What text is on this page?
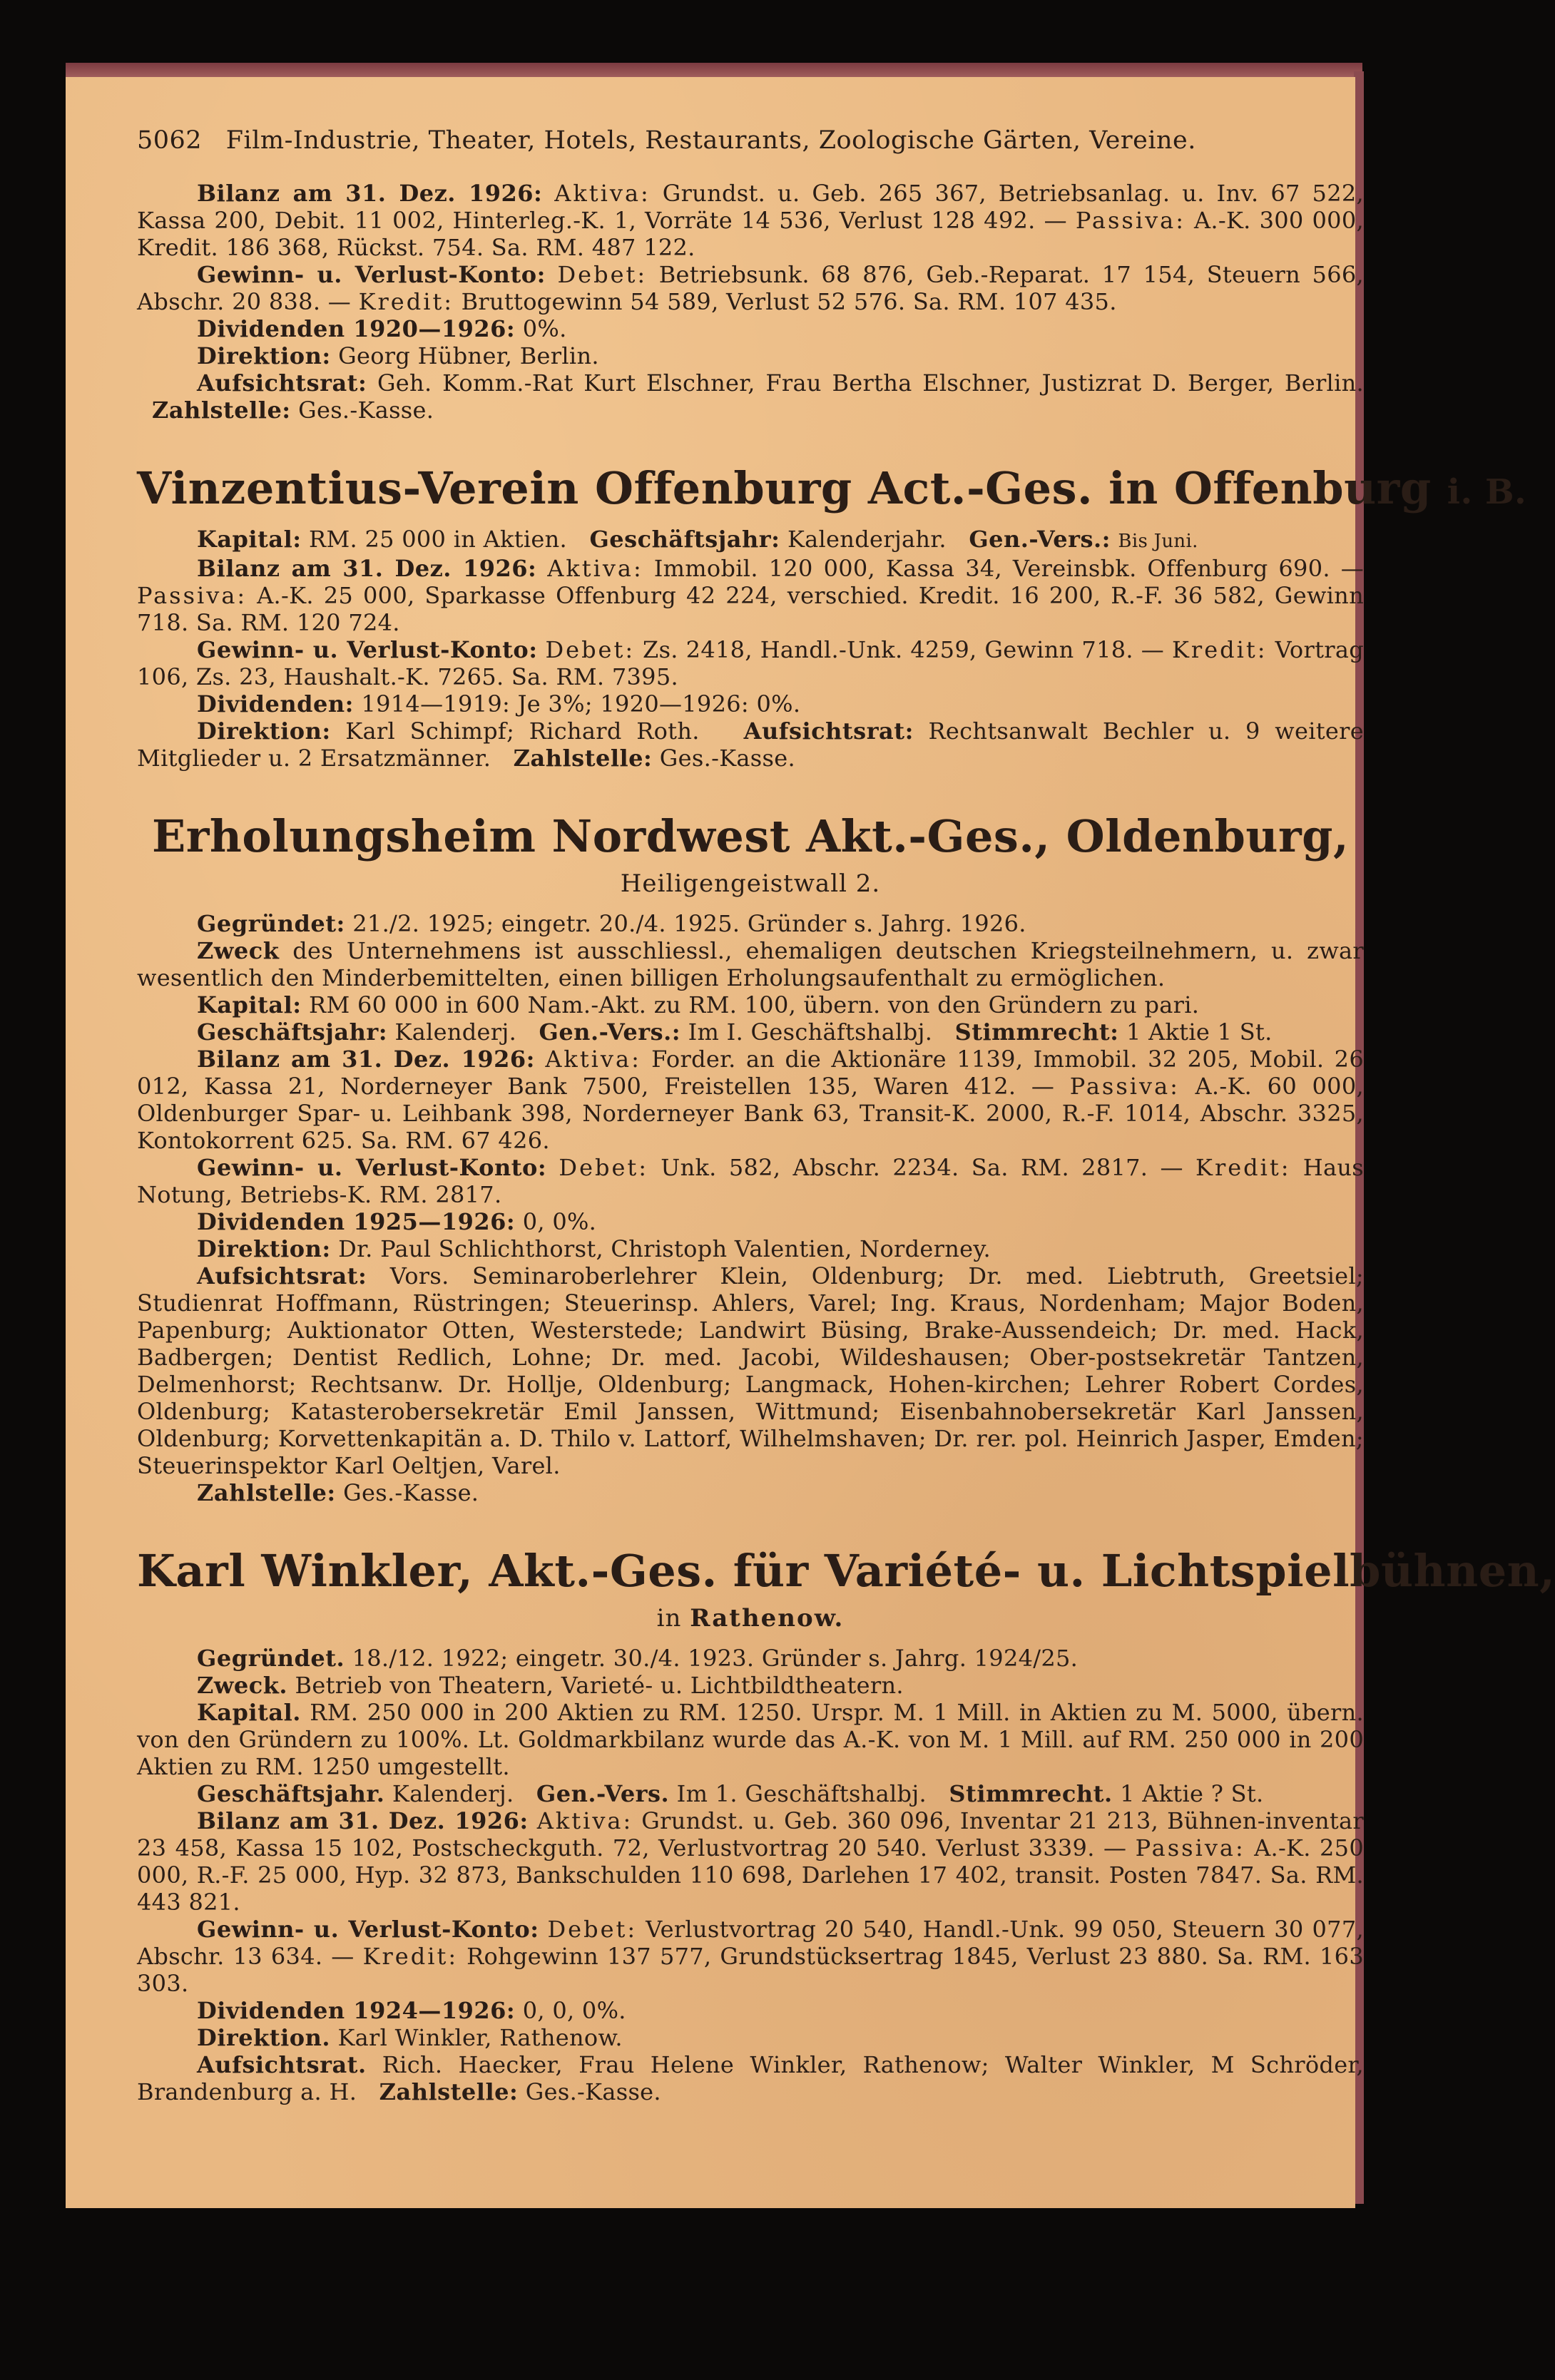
5062 Film-Industrie, Theater, Hotels, Restaurants, Zoologische Gärten, Vereine.

Bilanz am 31. Dez. 1926: Aktiva: Grundst. u. Geb. 265 367, Betriebsanlag. u. Inv. 67 522, Kassa 200, Debit. 11 002, Hinterleg.-K. 1, Vorräte 14 536, Verlust 128 492. — Passiva: A.-K. 300 000, Kredit. 186 368, Rückst. 754. Sa. RM. 487 122.

Gewinn- u. Verlust-Konto: Debet: Betriebsunk. 68 876, Geb.-Reparat. 17 154, Steuern 566, Abschr. 20 838. — Kredit: Bruttogewinn 54 589, Verlust 52 576. Sa. RM. 107 435.

Dividenden 1920—1926: 0%.

Direktion: Georg Hübner, Berlin.

Aufsichtsrat: Geh. Komm.-Rat Kurt Elschner, Frau Bertha Elschner, Justizrat D. Berger, Berlin.   Zahlstelle: Ges.-Kasse.

Vinzentius-Verein Offenburg Act.-Ges. in Offenburg i. B.

Kapital: RM. 25 000 in Aktien. Geschäftsjahr: Kalenderjahr. Gen.-Vers.: Bis Juni.

Bilanz am 31. Dez. 1926: Aktiva: Immobil. 120 000, Kassa 34, Vereinsbk. Offenburg 690. — Passiva: A.-K. 25 000, Sparkasse Offenburg 42 224, verschied. Kredit. 16 200, R.-F. 36 582, Gewinn 718. Sa. RM. 120 724.

Gewinn- u. Verlust-Konto: Debet: Zs. 2418, Handl.-Unk. 4259, Gewinn 718. — Kredit: Vortrag 106, Zs. 23, Haushalt.-K. 7265. Sa. RM. 7395.

Dividenden: 1914—1919: Je 3%; 1920—1926: 0%.

Direktion: Karl Schimpf; Richard Roth. Aufsichtsrat: Rechtsanwalt Bechler u. 9 weitere Mitglieder u. 2 Ersatzmänner. Zahlstelle: Ges.-Kasse.

Erholungsheim Nordwest Akt.-Ges., Oldenburg,
Heiligengeistwall 2.

Gegründet: 21./2. 1925; eingetr. 20./4. 1925. Gründer s. Jahrg. 1926.

Zweck des Unternehmens ist ausschliessl., ehemaligen deutschen Kriegsteilnehmern, u. zwar wesentlich den Minderbemittelten, einen billigen Erholungsaufenthalt zu ermöglichen.

Kapital: RM 60 000 in 600 Nam.-Akt. zu RM. 100, übern. von den Gründern zu pari.

Geschäftsjahr: Kalenderj. Gen.-Vers.: Im I. Geschäftshalbj. Stimmrecht: 1 Aktie 1 St.

Bilanz am 31. Dez. 1926: Aktiva: Forder. an die Aktionäre 1139, Immobil. 32 205, Mobil. 26 012, Kassa 21, Norderneyer Bank 7500, Freistellen 135, Waren 412. — Passiva: A.-K. 60 000, Oldenburger Spar- u. Leihbank 398, Norderneyer Bank 63, Transit-K. 2000, R.-F. 1014, Abschr. 3325, Kontokorrent 625. Sa. RM. 67 426.

Gewinn- u. Verlust-Konto: Debet: Unk. 582, Abschr. 2234. Sa. RM. 2817. — Kredit: Haus Notung, Betriebs-K. RM. 2817.

Dividenden 1925—1926: 0, 0%.

Direktion: Dr. Paul Schlichthorst, Christoph Valentien, Norderney.

Aufsichtsrat: Vors. Seminaroberlehrer Klein, Oldenburg; Dr. med. Liebtruth, Greetsiel; Studienrat Hoffmann, Rüstringen; Steuerinsp. Ahlers, Varel; Ing. Kraus, Nordenham; Major Boden, Papenburg; Auktionator Otten, Westerstede; Landwirt Büsing, Brake-Aussendeich; Dr. med. Hack, Badbergen; Dentist Redlich, Lohne; Dr. med. Jacobi, Wildeshausen; Ober-postsekretär Tantzen, Delmenhorst; Rechtsanw. Dr. Hollje, Oldenburg; Langmack, Hohen-kirchen; Lehrer Robert Cordes, Oldenburg; Katasterobersekretär Emil Janssen, Wittmund; Eisenbahnobersekretär Karl Janssen, Oldenburg; Korvettenkapitän a. D. Thilo v. Lattorf, Wilhelmshaven; Dr. rer. pol. Heinrich Jasper, Emden; Steuerinspektor Karl Oeltjen, Varel.

Zahlstelle: Ges.-Kasse.

Karl Winkler, Akt.-Ges. für Variété- u. Lichtspielbühnen,
in Rathenow.

Gegründet. 18./12. 1922; eingetr. 30./4. 1923. Gründer s. Jahrg. 1924/25.

Zweck. Betrieb von Theatern, Varieté- u. Lichtbildtheatern.

Kapital. RM. 250 000 in 200 Aktien zu RM. 1250. Urspr. M. 1 Mill. in Aktien zu M. 5000, übern. von den Gründern zu 100%. Lt. Goldmarkbilanz wurde das A.-K. von M. 1 Mill. auf RM. 250 000 in 200 Aktien zu RM. 1250 umgestellt.

Geschäftsjahr. Kalenderj. Gen.-Vers. Im 1. Geschäftshalbj. Stimmrecht. 1 Aktie ? St.

Bilanz am 31. Dez. 1926: Aktiva: Grundst. u. Geb. 360 096, Inventar 21 213, Bühnen-inventar 23 458, Kassa 15 102, Postscheckguth. 72, Verlustvortrag 20 540. Verlust 3339. — Passiva: A.-K. 250 000, R.-F. 25 000, Hyp. 32 873, Bankschulden 110 698, Darlehen 17 402, transit. Posten 7847. Sa. RM. 443 821.

Gewinn- u. Verlust-Konto: Debet: Verlustvortrag 20 540, Handl.-Unk. 99 050, Steuern 30 077, Abschr. 13 634. — Kredit: Rohgewinn 137 577, Grundstücksertrag 1845, Verlust 23 880. Sa. RM. 163 303.

Dividenden 1924—1926: 0, 0, 0%.

Direktion. Karl Winkler, Rathenow.

Aufsichtsrat. Rich. Haecker, Frau Helene Winkler, Rathenow; Walter Winkler, M Schröder, Brandenburg a. H. Zahlstelle: Ges.-Kasse.
